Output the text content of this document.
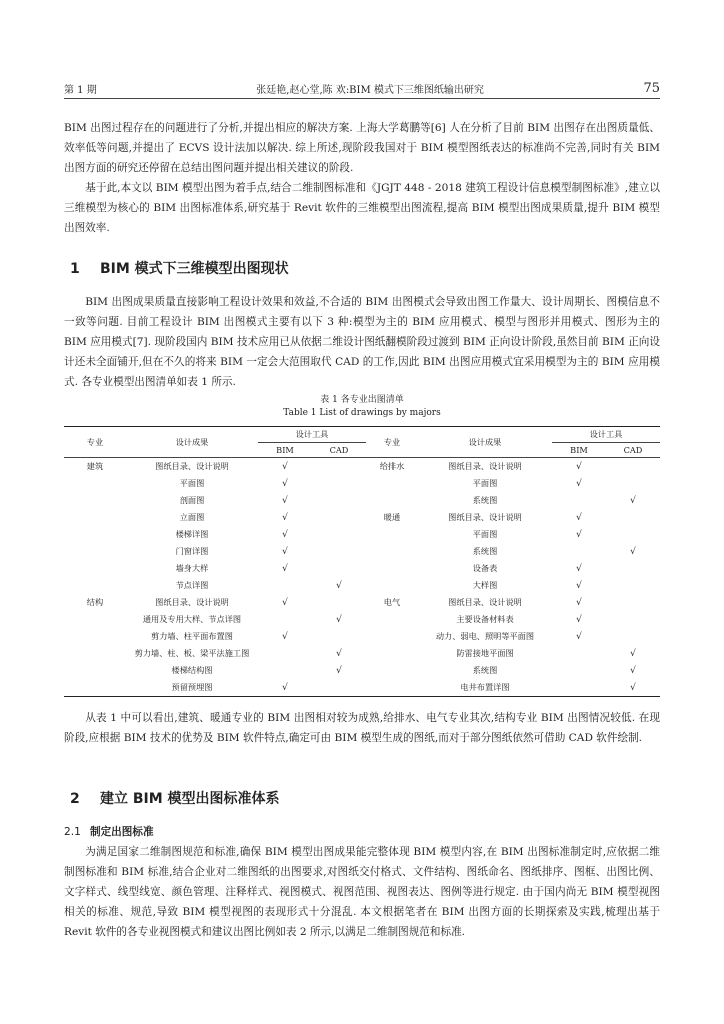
第 1 期	张廷艳,赵心堂,陈 欢:BIM 模式下三维图纸输出研究	75

BIM 出图过程存在的问题进行了分析,并提出相应的解决方案. 上海大学葛鹏等[6] 人在分析了目前 BIM 出图存在出图质量低、效率低等问题,并提出了 ECVS 设计法加以解决. 综上所述,现阶段我国对于 BIM 模型图纸表达的标准尚不完善,同时有关 BIM 出图方面的研究还停留在总结出图问题并提出相关建议的阶段.

基于此,本文以 BIM 模型出图为着手点,结合二维制图标准和《JGJT 448 - 2018 建筑工程设计信息模型制图标准》,建立以三维模型为核心的 BIM 出图标准体系,研究基于 Revit 软件的三维模型出图流程,提高 BIM 模型出图成果质量,提升 BIM 模型出图效率.

1 BIM 模式下三维模型出图现状

BIM 出图成果质量直接影响工程设计效果和效益,不合适的 BIM 出图模式会导致出图工作量大、设计周期长、图模信息不一致等问题. 目前工程设计 BIM 出图模式主要有以下 3 种:模型为主的 BIM 应用模式、模型与图形并用模式、图形为主的 BIM 应用模式[7]. 现阶段国内 BIM 技术应用已从依据二维设计图纸翻模阶段过渡到 BIM 正向设计阶段,虽然目前 BIM 正向设计还未全面铺开,但在不久的将来 BIM 一定会大范围取代 CAD 的工作,因此 BIM 出图应用模式宜采用模型为主的 BIM 应用模式. 各专业模型出图清单如表 1 所示.

表 1 各专业出图清单

Table 1 List of drawings by majors

专业	设计成果	设计工具		专业	设计成果	设计工具	
		BIM	CAD			BIM	CAD
建筑	图纸目录、设计说明	√		给排水	图纸目录、设计说明	√	
	平面图	√			平面图	√	
	剖面图	√			系统图		√
	立面图	√		暖通	图纸目录、设计说明	√	
	楼梯详图	√			平面图	√	
	门窗详图	√			系统图		√
	墙身大样	√			设备表	√	
	节点详图		√		大样图	√	
结构	图纸目录、设计说明	√		电气	图纸目录、设计说明	√	
	通用及专用大样、节点详图		√		主要设备材料表	√	
	剪力墙、柱平面布置图	√			动力、弱电、照明等平面图	√	
	剪力墙、柱、板、梁平法施工图		√		防雷接地平面图		√
	楼梯结构图		√		系统图		√
	预留预埋图	√			电井布置详图		√

从表 1 中可以看出,建筑、暖通专业的 BIM 出图相对较为成熟,给排水、电气专业其次,结构专业 BIM 出图情况较低. 在现阶段,应根据 BIM 技术的优势及 BIM 软件特点,确定可由 BIM 模型生成的图纸,而对于部分图纸依然可借助 CAD 软件绘制.

2 建立 BIM 模型出图标准体系
2.1 制定出图标准

为满足国家二维制图规范和标准,确保 BIM 模型出图成果能完整体现 BIM 模型内容,在 BIM 出图标准制定时,应依据二维制图标准和 BIM 标准,结合企业对二维图纸的出图要求,对图纸交付格式、文件结构、图纸命名、图纸排序、图框、出图比例、文字样式、线型线宽、颜色管理、注释样式、视图模式、视图范围、视图表达、图例等进行规定. 由于国内尚无 BIM 模型视图相关的标准、规范,导致 BIM 模型视图的表现形式十分混乱. 本文根据笔者在 BIM 出图方面的长期探索及实践,梳理出基于 Revit 软件的各专业视图模式和建议出图比例如表 2 所示,以满足二维制图规范和标准.
